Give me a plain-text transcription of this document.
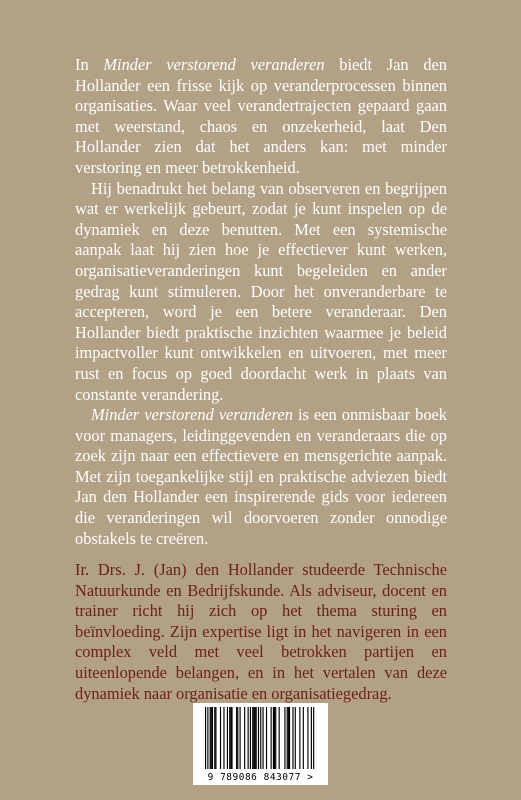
In Minder verstorend veranderen biedt Jan den Hollander een frisse kijk op veranderprocessen binnen organisaties. Waar veel verandertrajecten gepaard gaan met weerstand, chaos en onzekerheid, laat Den Hollander zien dat het anders kan: met minder verstoring en meer betrokkenheid.

Hij benadrukt het belang van observeren en begrijpen wat er werkelijk gebeurt, zodat je kunt inspelen op de dynamiek en deze benutten. Met een systemische aanpak laat hij zien hoe je effectiever kunt werken, organisatieveranderingen kunt begeleiden en ander gedrag kunt stimuleren. Door het onveranderbare te accepteren, word je een betere veranderaar. Den Hollander biedt praktische inzichten waarmee je beleid impactvoller kunt ontwikkelen en uitvoeren, met meer rust en focus op goed doordacht werk in plaats van constante verandering.

Minder verstorend veranderen is een onmisbaar boek voor managers, leidinggevenden en veranderaars die op zoek zijn naar een effectievere en mensgerichte aanpak. Met zijn toegankelijke stijl en praktische adviezen biedt Jan den Hollander een inspirerende gids voor iedereen die veranderingen wil doorvoeren zonder onnodige obstakels te creëren.

Ir. Drs. J. (Jan) den Hollander studeerde Technische Natuurkunde en Bedrijfskunde. Als adviseur, docent en trainer richt hij zich op het thema sturing en beïnvloeding. Zijn expertise ligt in het navigeren in een complex veld met veel betrokken partijen en uiteenlopende belangen, en in het vertalen van deze dynamiek naar organisatie en organisatiegedrag.

9 789086 843077 >
